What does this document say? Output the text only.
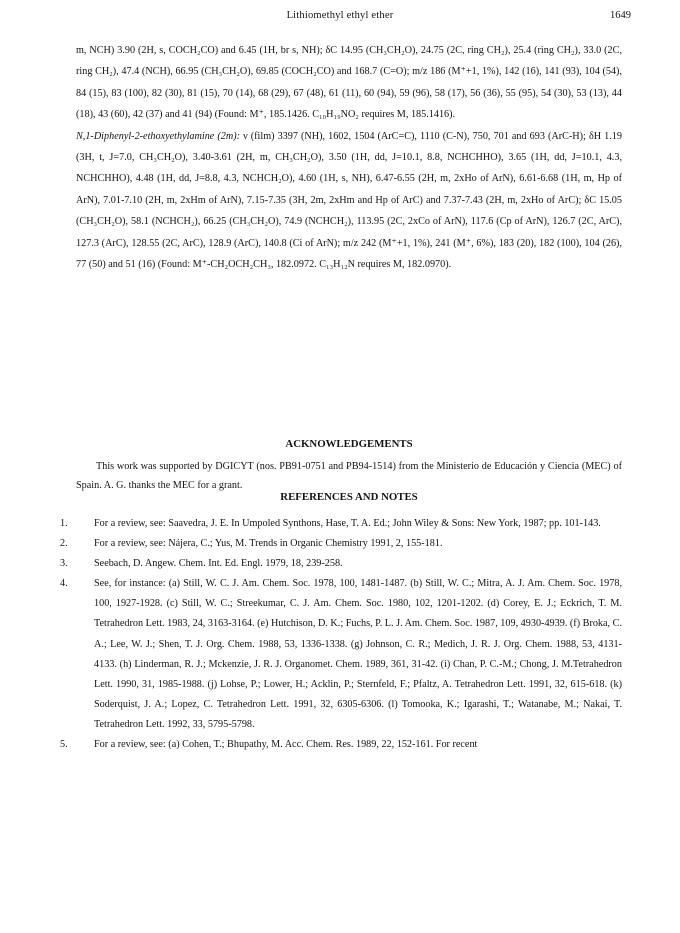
Lithiomethyl ethyl ether	1649

m, NCH) 3.90 (2H, s, COCH₂CO) and 6.45 (1H, br s, NH); δC 14.95 (CH₃CH₂O), 24.75 (2C, ring CH₂), 25.4 (ring CH₂), 33.0 (2C, ring CH₂), 47.4 (NCH), 66.95 (CH₃CH₂O), 69.85 (COCH₂CO) and 168.7 (C=O); m/z 186 (M⁺+1, 1%), 142 (16), 141 (93), 104 (54), 84 (15), 83 (100), 82 (30), 81 (15), 70 (14), 68 (29), 67 (48), 61 (11), 60 (94), 59 (96), 58 (17), 56 (36), 55 (95), 54 (30), 53 (13), 44 (18), 43 (60), 42 (37) and 41 (94) (Found: M⁺, 185.1426. C₁₀H₁₉NO₂ requires M, 185.1416).

N,1-Diphenyl-2-ethoxyethylamine (2m): ν (film) 3397 (NH), 1602, 1504 (ArC=C), 1110 (C-N), 750, 701 and 693 (ArC-H); δH 1.19 (3H, t, J=7.0, CH₃CH₂O), 3.40-3.61 (2H, m, CH₃CH₂O), 3.50 (1H, dd, J=10.1, 8.8, NCHCHHO), 3.65 (1H, dd, J=10.1, 4.3, NCHCHHO), 4.48 (1H, dd, J=8.8, 4.3, NCHCH₂O), 4.60 (1H, s, NH), 6.47-6.55 (2H, m, 2xHo of ArN), 6.61-6.68 (1H, m, Hp of ArN), 7.01-7.10 (2H, m, 2xHm of ArN), 7.15-7.35 (3H, 2m, 2xHm and Hp of ArC) and 7.37-7.43 (2H, m, 2xHo of ArC); δC 15.05 (CH₃CH₂O), 58.1 (NCHCH₂), 66.25 (CH₃CH₂O), 74.9 (NCHCH₂), 113.95 (2C, 2xCo of ArN), 117.6 (Cp of ArN), 126.7 (2C, ArC), 127.3 (ArC), 128.55 (2C, ArC), 128.9 (ArC), 140.8 (Ci of ArN); m/z 242 (M⁺+1, 1%), 241 (M⁺, 6%), 183 (20), 182 (100), 104 (26), 77 (50) and 51 (16) (Found: M⁺-CH₂OCH₂CH₃, 182.0972. C₁₃H₁₂N requires M, 182.0970).

ACKNOWLEDGEMENTS
This work was supported by DGICYT (nos. PB91-0751 and PB94-1514) from the Ministerio de Educación y Ciencia (MEC) of Spain. A. G. thanks the MEC for a grant.
REFERENCES AND NOTES
1.	For a review, see: Saavedra, J. E. In Umpoled Synthons, Hase, T. A. Ed.; John Wiley & Sons: New York, 1987; pp. 101-143.
2.	For a review, see: Nájera, C.; Yus, M. Trends in Organic Chemistry 1991, 2, 155-181.
3.	Seebach, D. Angew. Chem. Int. Ed. Engl. 1979, 18, 239-258.
4.	See, for instance: (a) Still, W. C. J. Am. Chem. Soc. 1978, 100, 1481-1487. (b) Still, W. C.; Mitra, A. J. Am. Chem. Soc. 1978, 100, 1927-1928. (c) Still, W. C.; Streekumar, C. J. Am. Chem. Soc. 1980, 102, 1201-1202. (d) Corey, E. J.; Eckrich, T. M. Tetrahedron Lett. 1983, 24, 3163-3164. (e) Hutchison, D. K.; Fuchs, P. L. J. Am. Chem. Soc. 1987, 109, 4930-4939. (f) Broka, C. A.; Lee, W. J.; Shen, T. J. Org. Chem. 1988, 53, 1336-1338. (g) Johnson, C. R.; Medich, J. R. J. Org. Chem. 1988, 53, 4131-4133. (h) Linderman, R. J.; Mckenzie, J. R. J. Organomet. Chem. 1989, 361, 31-42. (i) Chan, P. C.-M.; Chong, J. M.Tetrahedron Lett. 1990, 31, 1985-1988. (j) Lohse, P.; Lower, H.; Acklin, P.; Sternfeld, F.; Pfaltz, A. Tetrahedron Lett. 1991, 32, 615-618. (k) Soderquist, J. A.; Lopez, C. Tetrahedron Lett. 1991, 32, 6305-6306. (l) Tomooka, K.; Igarashi, T.; Watanabe, M.; Nakai, T. Tetrahedron Lett. 1992, 33, 5795-5798.
5.	For a review, see: (a) Cohen, T.; Bhupathy, M. Acc. Chem. Res. 1989, 22, 152-161. For recent
